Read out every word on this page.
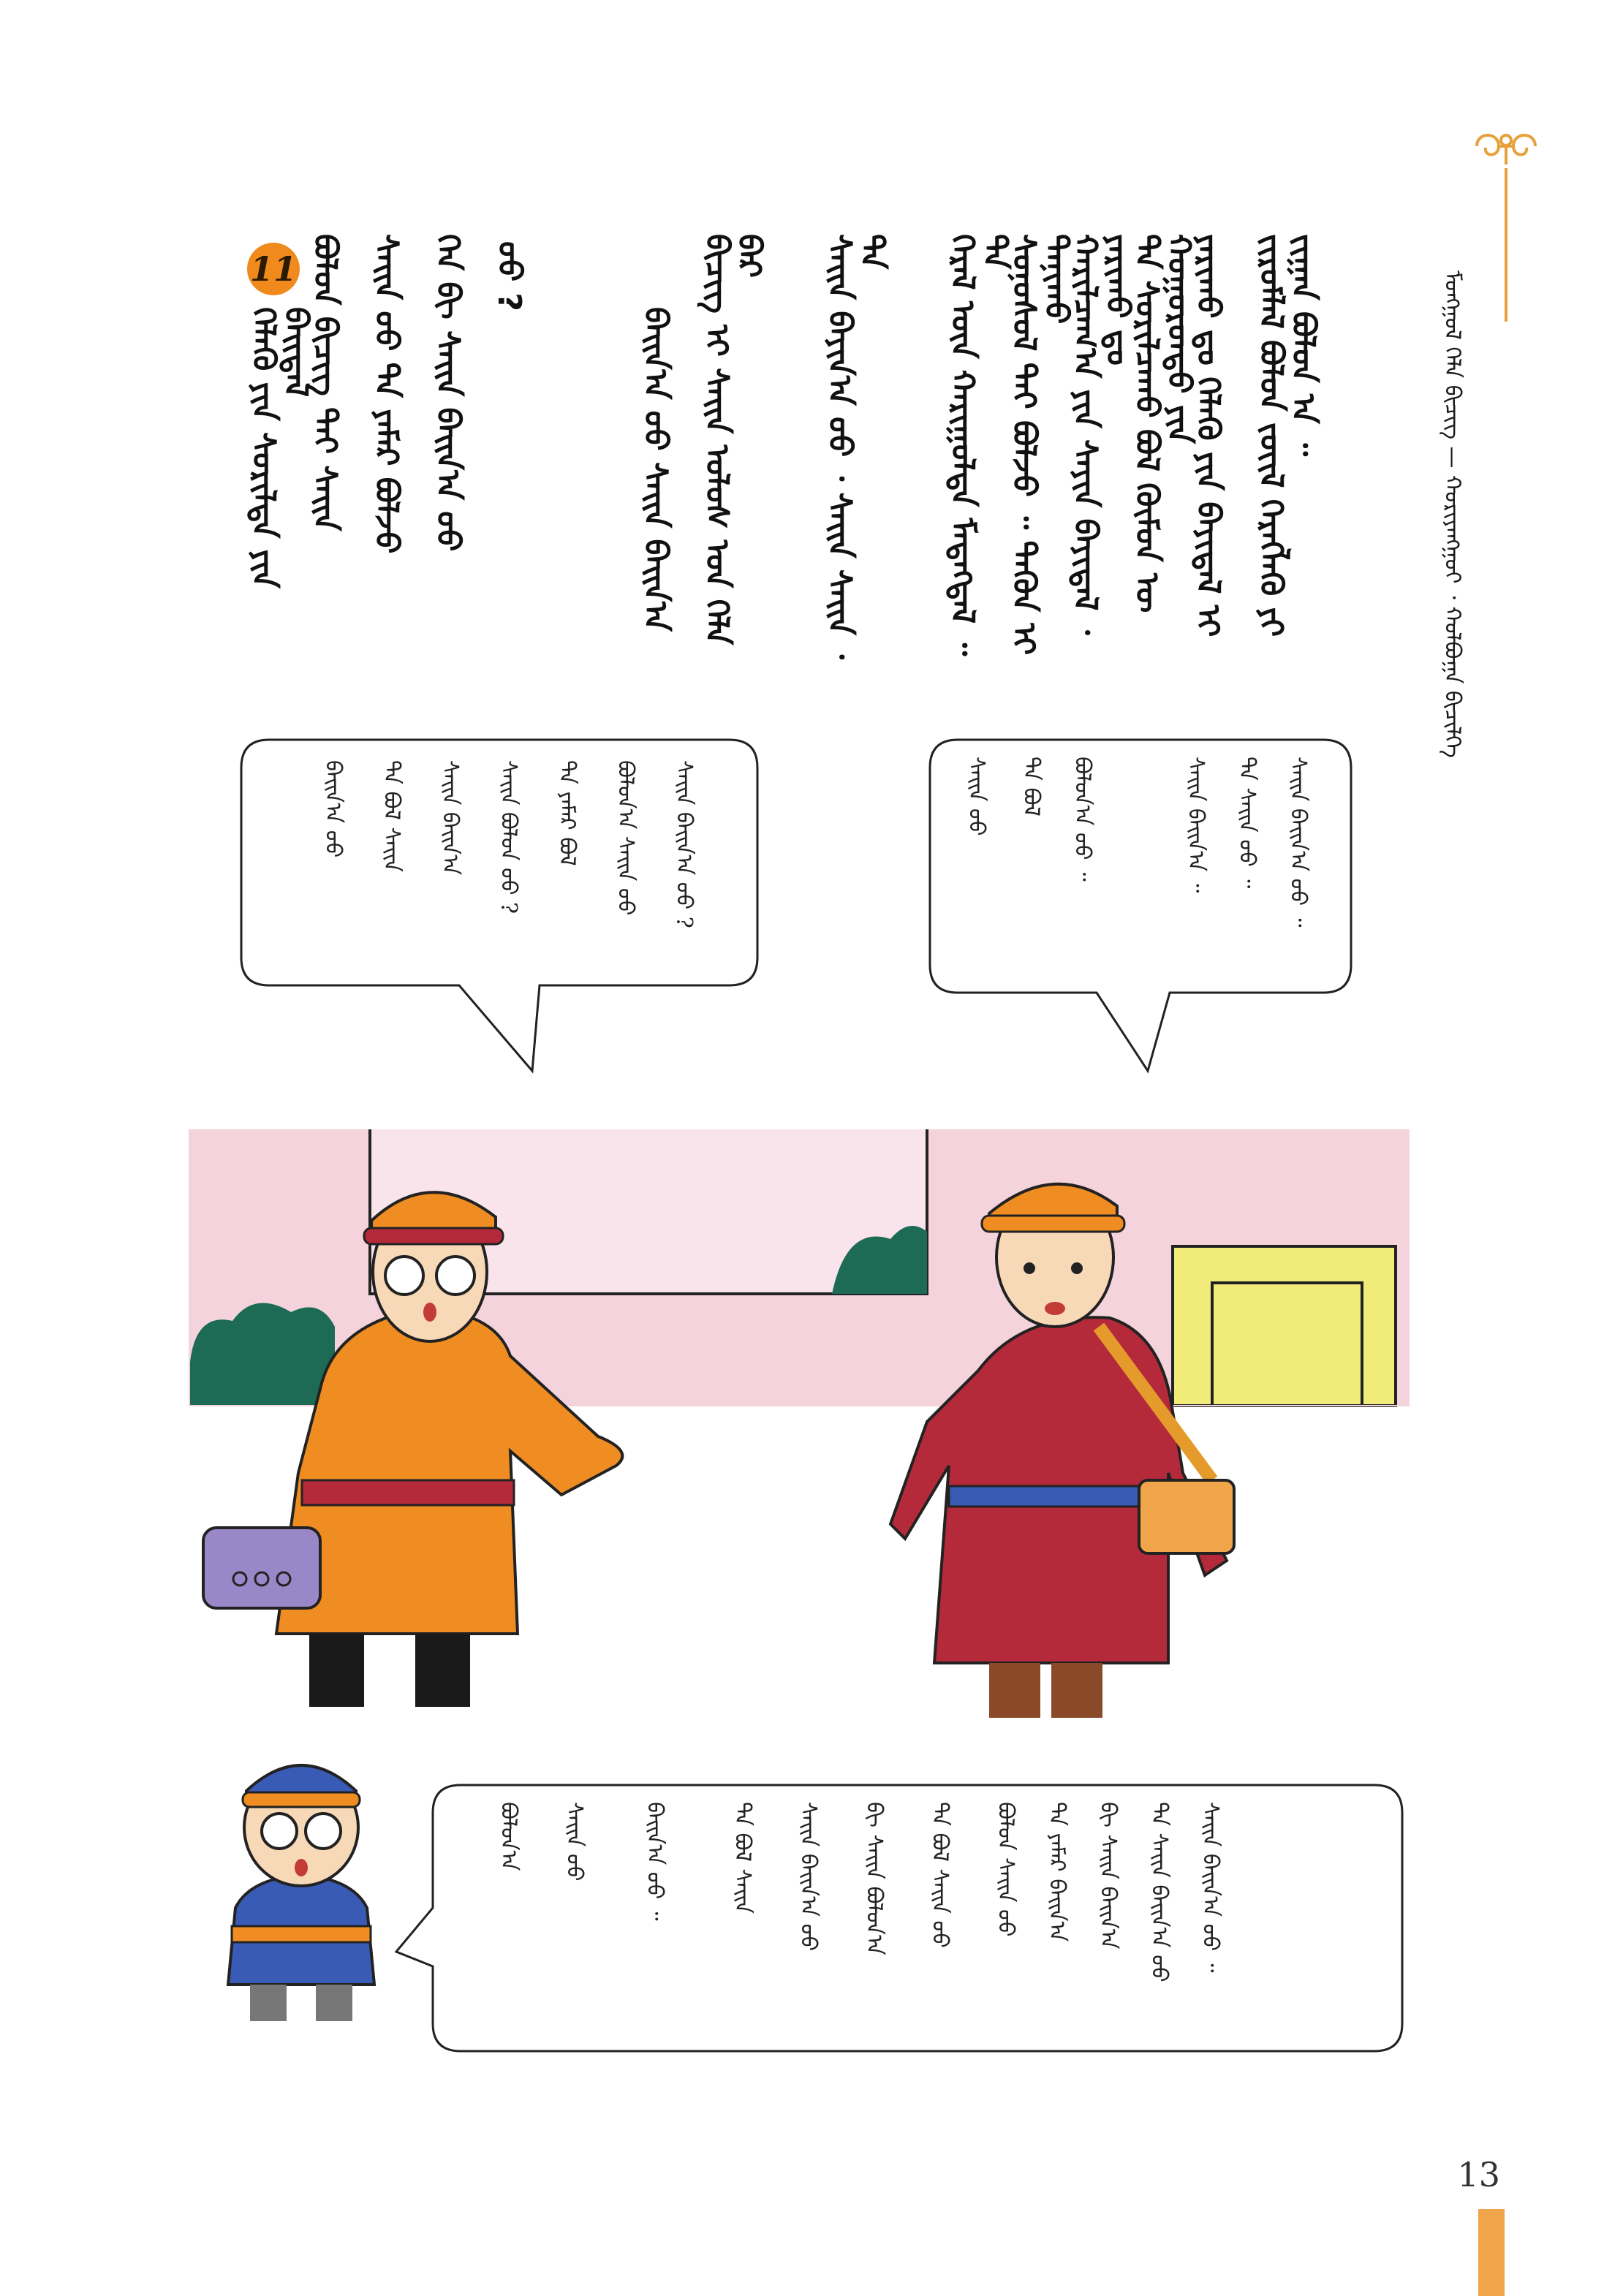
ᠮᠣᠩᠭᠣᠯ ᠬᠡᠯᠡ ᠪᠢᠴᠢᠭ — ᠬᠤᠷᠢᠶᠠᠩᠭᠤᠢ ᠂ ᠬᠣᠯᠪᠣᠭᠠ ᠪᠢᠴᠢᠯᠭᠡ
ᠵᠢᠷᠤᠮᠯᠠᠯ ᠪᠣᠯᠤᠨ ᠵᠦᠢᠯ ᠬᠡᠷᠡᠭᠯᠡᠬᠦ ᠶᠢ ᠵᠢᠭᠠᠨ ᠪᠣᠯᠣᠨ ᠠ ᠃
ᠶᠠᠷᠢᠬᠤ ᠳᠤ ᠬᠡᠯᠡᠬᠦ ᠶᠢᠨ ᠪᠠᠶᠢᠳᠠᠯ ᠢ
ᠲᠠ ᠰᠣᠷᠢᠯᠴᠠᠬᠤ ᠪᠣᠯ ᠬᠦᠮᠦᠨ ᠦ ᠬᠣᠭᠣᠷᠣᠨᠳᠣ ᠶᠢᠨ
ᠬᠠᠷᠢᠯᠴᠠᠭ᠎ᠠ ᠶᠢᠨ ᠰᠠᠶᠢᠨ ᠪᠠᠶᠢᠳᠠᠯ ᠂ ᠶᠠᠷᠢᠬᠤ ᠳᠤ
ᠰᠣᠨᠤᠰᠤᠯ ᠲᠠᠢ ᠪᠣᠯᠵᠤ ᠃ ᠲᠡᠭᠦᠨ ᠢ ᠲᠠᠨᠢᠬᠤ
ᠭᠡᠷᠡᠯ ᠦᠨ ᠬᠠᠷᠢᠭᠤᠯᠲᠠ ᠮᠡᠳᠡᠭᠳᠡᠯ ᠃ ᠲᠠ
ᠰᠠᠢᠨ ᠪᠠᠶᠢᠨ᠎ᠠ ᠤᠤ ᠂ ᠰᠠᠢᠨ ᠰᠠᠢᠨ ᠂ ᠲᠠ
ᠪᠢᠴᠢᠭ ᠢ ᠰᠠᠢᠨ ᠤᠯᠤᠰ ᠤᠨ ᠬᠡᠯᠡ ᠪᠡᠷ
ᠪᠠᠢᠨ᠎ᠠ ᠤᠤ ᠰᠠᠢᠨ ᠪᠠᠢᠨ᠎ᠠ
ᠤᠤ ?
ᠬᠡᠨ ᠪᠢ ᠰᠠᠢᠨ ᠪᠠᠢᠨ᠎ᠠ ᠤᠤ
ᠰᠠᠢᠨ ᠤᠤ ᠲᠠ ᠶᠠᠮᠠᠷ ᠪᠣᠯᠵᠤ
ᠪᠣᠯᠤᠨ ᠪᠢᠴᠢᠭ ᠲᠠᠢ ᠰᠠᠢᠨ
ᠬᠡᠯᠡᠬᠦ ᠶᠢᠨ ᠰᠣᠷᠢᠯᠲᠠ ᠶᠢᠨ ᠪᠠᠢᠳᠠᠯ
11
ᠰᠠᠢᠨ ᠪᠠᠢᠨ᠎ᠠ ᠤᠤ ᠃
ᠲᠠ ᠰᠠᠢᠨ ᠤᠤ ᠃
ᠰᠠᠢᠨ ᠪᠠᠢᠨ᠎ᠠ ᠃
ᠪᠣᠯᠤᠨ᠎ᠠ ᠤᠤ ᠃
ᠲᠠ ᠪᠣᠯ
ᠰᠠᠢᠨ ᠤᠤ
ᠰᠠᠢᠨ ᠪᠠᠢᠨ᠎ᠠ ᠤᠤ ?
ᠪᠣᠯᠤᠨ᠎ᠠ ᠰᠠᠢᠨ ᠤᠤ
ᠲᠠ ᠶᠠᠮᠠᠷ ᠪᠣᠯ
ᠰᠠᠢᠨ ᠪᠣᠯᠤᠨ ᠤᠤ ?
ᠰᠠᠢᠨ ᠪᠠᠢᠨ᠎ᠠ
ᠲᠠ ᠪᠣᠯ ᠰᠠᠢᠨ
ᠪᠠᠢᠨ᠎ᠠ ᠤᠤ
ᠰᠠᠢᠨ ᠪᠠᠢᠨ᠎ᠠ ᠤᠤ ᠃
ᠲᠠ ᠰᠠᠢᠨ ᠪᠠᠢᠨ᠎ᠠ ᠤᠤ
ᠪᠢ ᠰᠠᠢᠨ ᠪᠠᠢᠨ᠎ᠠ
ᠲᠠ ᠶᠠᠮᠠᠷ ᠪᠠᠢᠨ᠎ᠠ
ᠪᠣᠯᠤᠨ ᠰᠠᠢᠨ ᠤᠤ
ᠲᠠ ᠪᠣᠯ ᠰᠠᠢᠨ ᠤᠤ
ᠪᠢ ᠰᠠᠢᠨ ᠪᠣᠯᠤᠨ᠎ᠠ
ᠰᠠᠢᠨ ᠪᠠᠢᠨ᠎ᠠ ᠤᠤ
ᠲᠠ ᠪᠣᠯ ᠰᠠᠢᠨ
ᠪᠠᠢᠨ᠎ᠠ ᠤᠤ ᠃
ᠰᠠᠢᠨ ᠤᠤ
ᠪᠣᠯᠤᠨ᠎ᠠ
13
